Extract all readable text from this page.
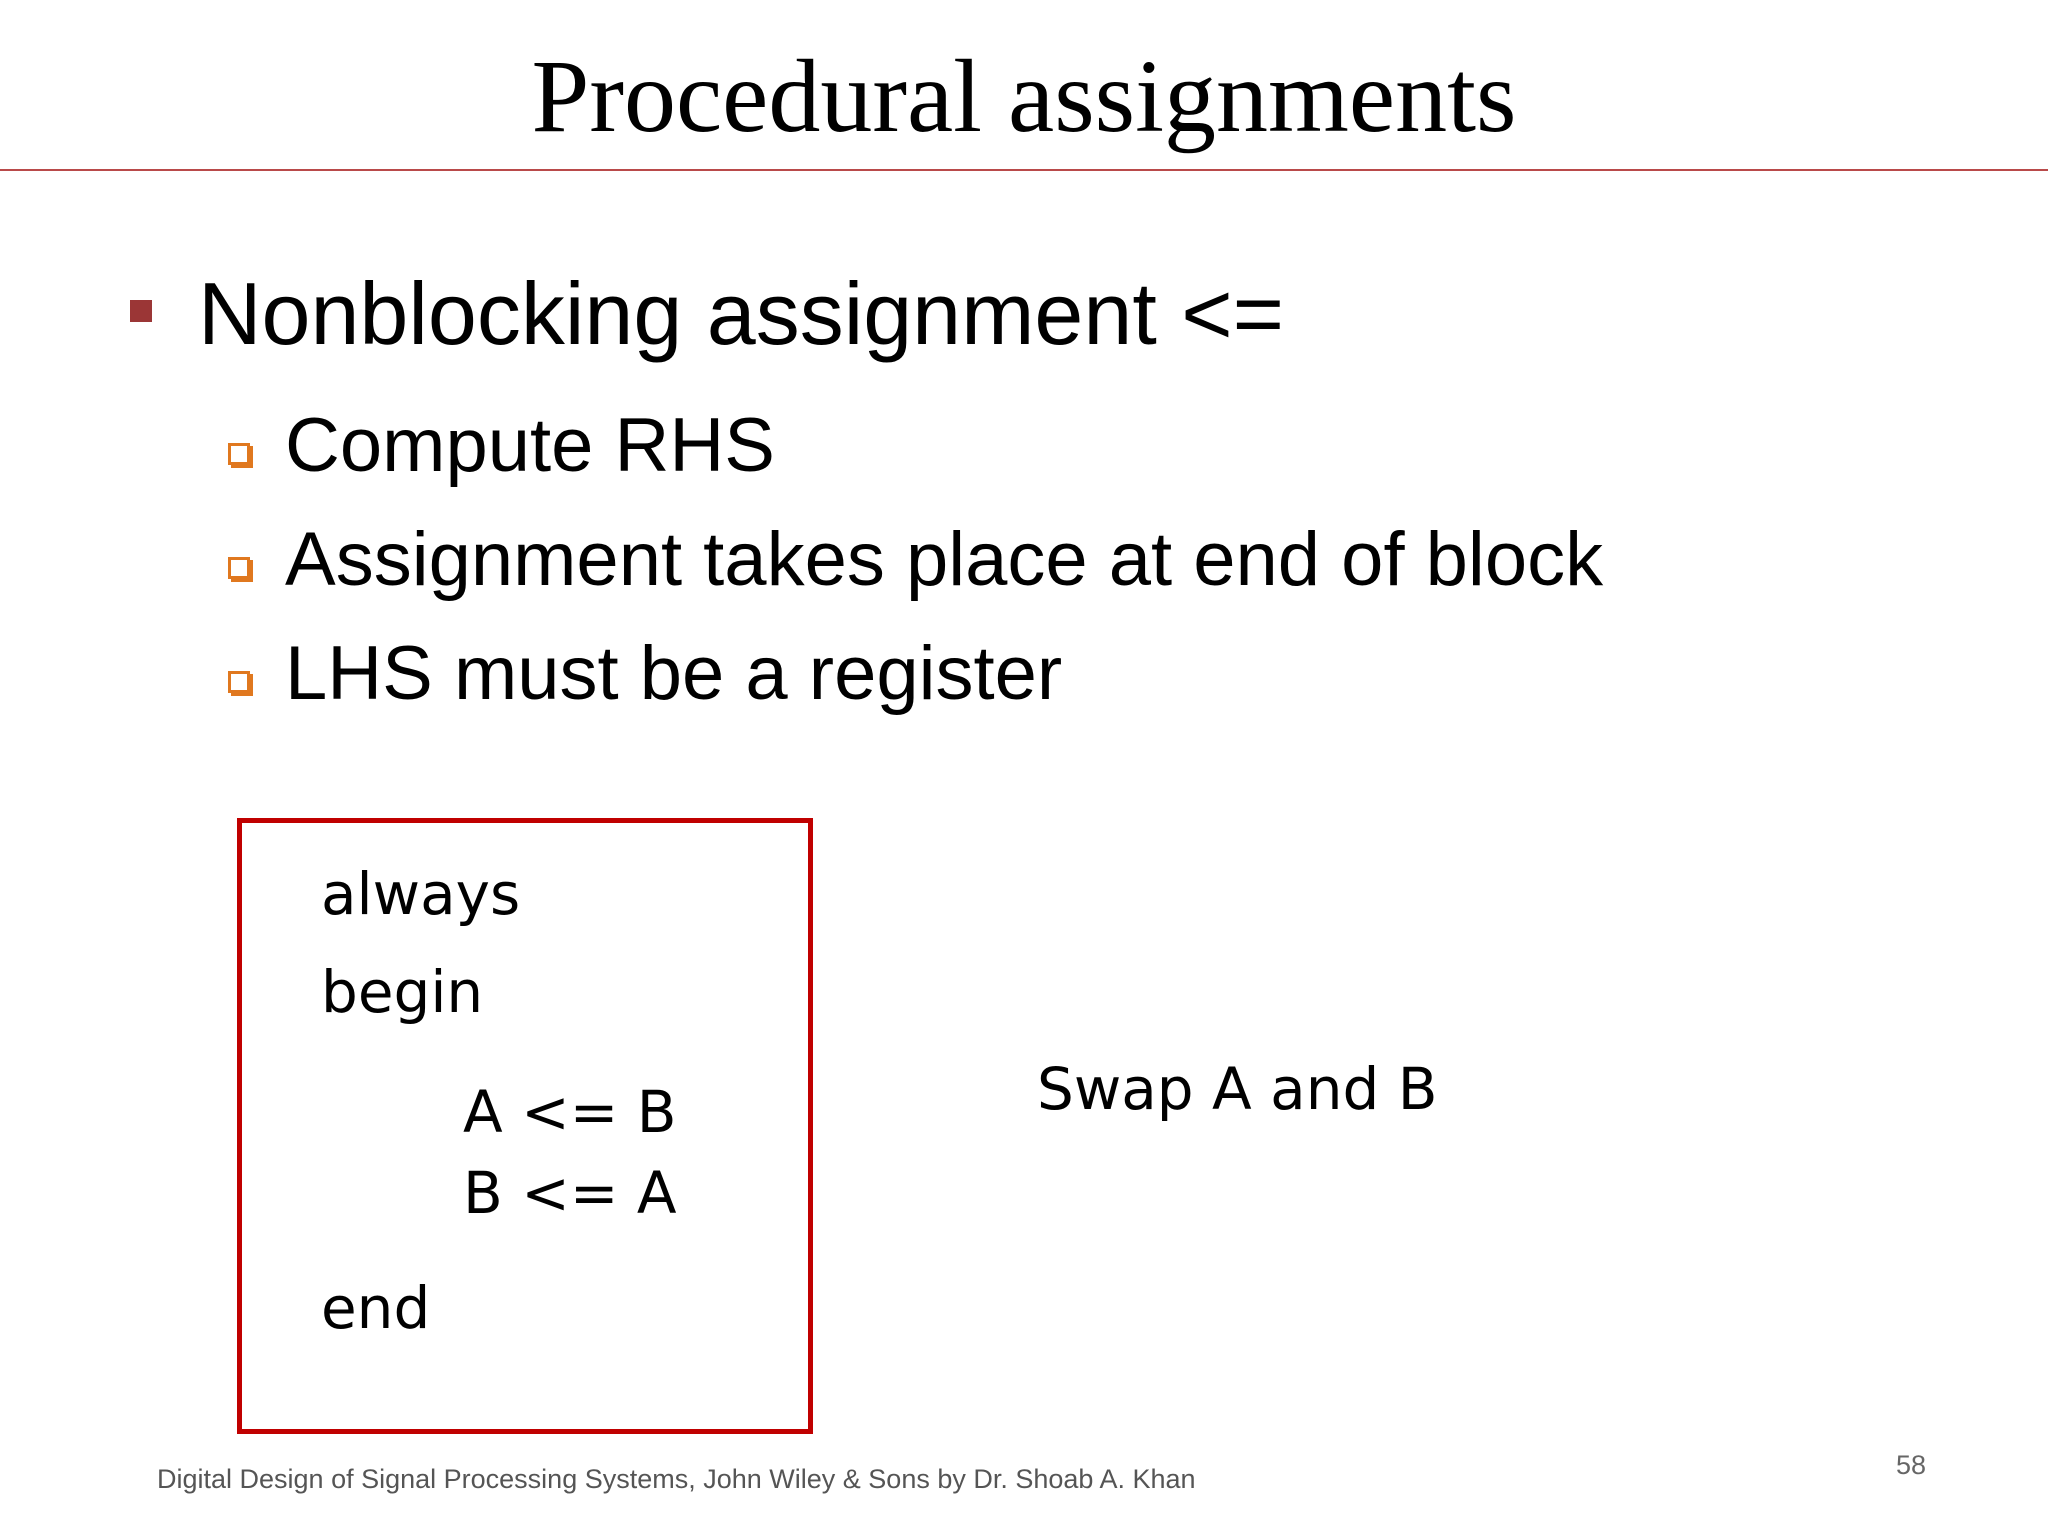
Procedural assignments
Nonblocking assignment <=
Compute RHS
Assignment takes place at end of block
LHS must be a register
always
begin
A <= B
B <= A
end
Swap A and B
Digital Design of Signal Processing Systems, John Wiley & Sons by Dr. Shoab A. Khan	58
